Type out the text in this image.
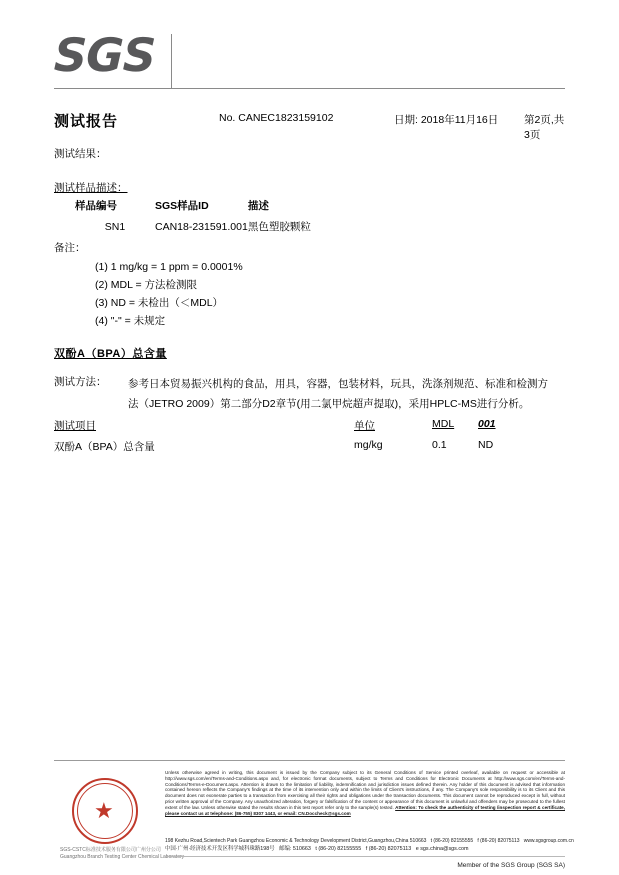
SGS
测试报告	No. CANEC1823159102	日期: 2018年11月16日 第2页,共3页
测试结果：
测试样品描述：
样品编号	SGS样品ID	描述
SN1	CAN18-231591.001	黑色塑胶颗粒
备注：
(1) 1 mg/kg = 1 ppm = 0.0001%
(2) MDL = 方法检测限
(3) ND = 未检出（＜MDL）
(4) "-" = 未规定
双酚A（BPA）总含量
测试方法： 参考日本贸易振兴机构的食品，用具，容器，包装材料，玩具，洗涤剂规范、标准和检测方法（JETRO 2009）第二部分D2章节(用二氯甲烷超声提取)，采用HPLC-MS进行分析。
测试项目	单位	MDL 001
双酚A（BPA）总含量	mg/kg	0.1	ND
★
SGS-CSTC标准技术服务有限公司广州分公司
Guangzhou Branch Testing Center Chemical Laboratory
Unless otherwise agreed in writing, this document is issued by the Company subject to its General Conditions of Service printed overleaf, available on request or accessible at http://www.sgs.com/en/Terms-and-Conditions.aspx and, for electronic format documents, subject to Terms and Conditions for Electronic Documents at http://www.sgs.com/en/Terms-and-Conditions/Terms-e-Document.aspx. Attention is drawn to the limitation of liability, indemnification and jurisdiction issues defined therein. Any holder of this document is advised that information contained hereon reflects the Company's findings at the time of its intervention only and within the limits of Client's instructions, if any. The Company's sole responsibility is to its Client and this document does not exonerate parties to a transaction from exercising all their rights and obligations under the transaction documents. This document cannot be reproduced except in full, without prior written approval of the Company. Any unauthorized alteration, forgery or falsification of the content or appearance of this document is unlawful and offenders may be prosecuted to the fullest extent of the law. Unless otherwise stated the results shown in this test report refer only to the sample(s) tested. Attention: To check the authenticity of testing /inspection report & certificate, please contact us at telephone: (86-755) 8307 1443, or email: CN.Doccheck@sgs.com
198 Kezhu Road,Scientech Park Guangzhou Economic & Technology Development District,Guangzhou,China 510663 t (86-20) 82155555 f (86-20) 82075113 www.sgsgroup.com.cn
中国·广州·经济技术开发区科学城科珠路198号 邮编: 510663 t (86-20) 82155555 f (86-20) 82075113 e sgs.china@sgs.com
Member of the SGS Group (SGS SA)
